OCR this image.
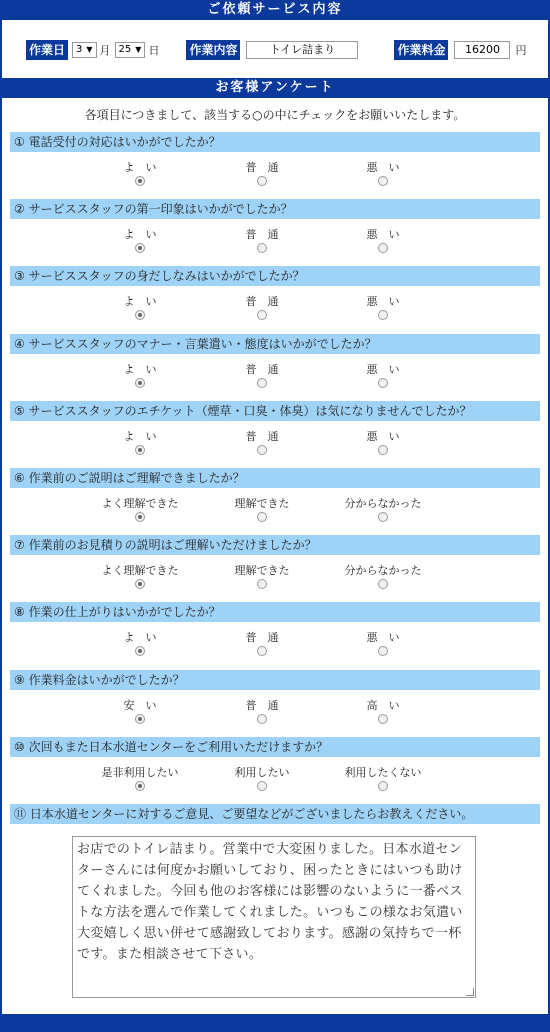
ご依頼サービス内容
作業日	3 ▼ 月 25 ▼ 日	作業内容	トイレ詰まり	作業料金	16200	円
お客様アンケート
各項目につきまして、該当する○の中にチェックをお願いいたします。
① 電話受付の対応はいかがでしたか？
よ　い	普　通	悪　い
② サービススタッフの第一印象はいかがでしたか？
よ　い	普　通	悪　い
③ サービススタッフの身だしなみはいかがでしたか？
よ　い	普　通	悪　い
④ サービススタッフのマナー・言葉遣い・態度はいかがでしたか？
よ　い	普　通	悪　い
⑤ サービススタッフのエチケット（煙草・口臭・体臭）は気になりませんでしたか？
よ　い	普　通	悪　い
⑥ 作業前のご説明はご理解できましたか？
よく理解できた	理解できた	分からなかった
⑦ 作業前のお見積りの説明はご理解いただけましたか？
よく理解できた	理解できた	分からなかった
⑧ 作業の仕上がりはいかがでしたか？
よ　い	普　通	悪　い
⑨ 作業料金はいかがでしたか？
安　い	普　通	高　い
⑩ 次回もまた日本水道センターをご利用いただけますか？
是非利用したい	利用したい	利用したくない
⑪ 日本水道センターに対するご意見、ご要望などがございましたらお教えください。
お店でのトイレ詰まり。営業中で大変困りました。日本水道センターさんには何度かお願いしており、困ったときにはいつも助けてくれました。今回も他のお客様には影響のないように一番ベストな方法を選んで作業してくれました。いつもこの様なお気遣い大変嬉しく思い併せて感謝致しております。感謝の気持ちで一杯です。また相談させて下さい。
